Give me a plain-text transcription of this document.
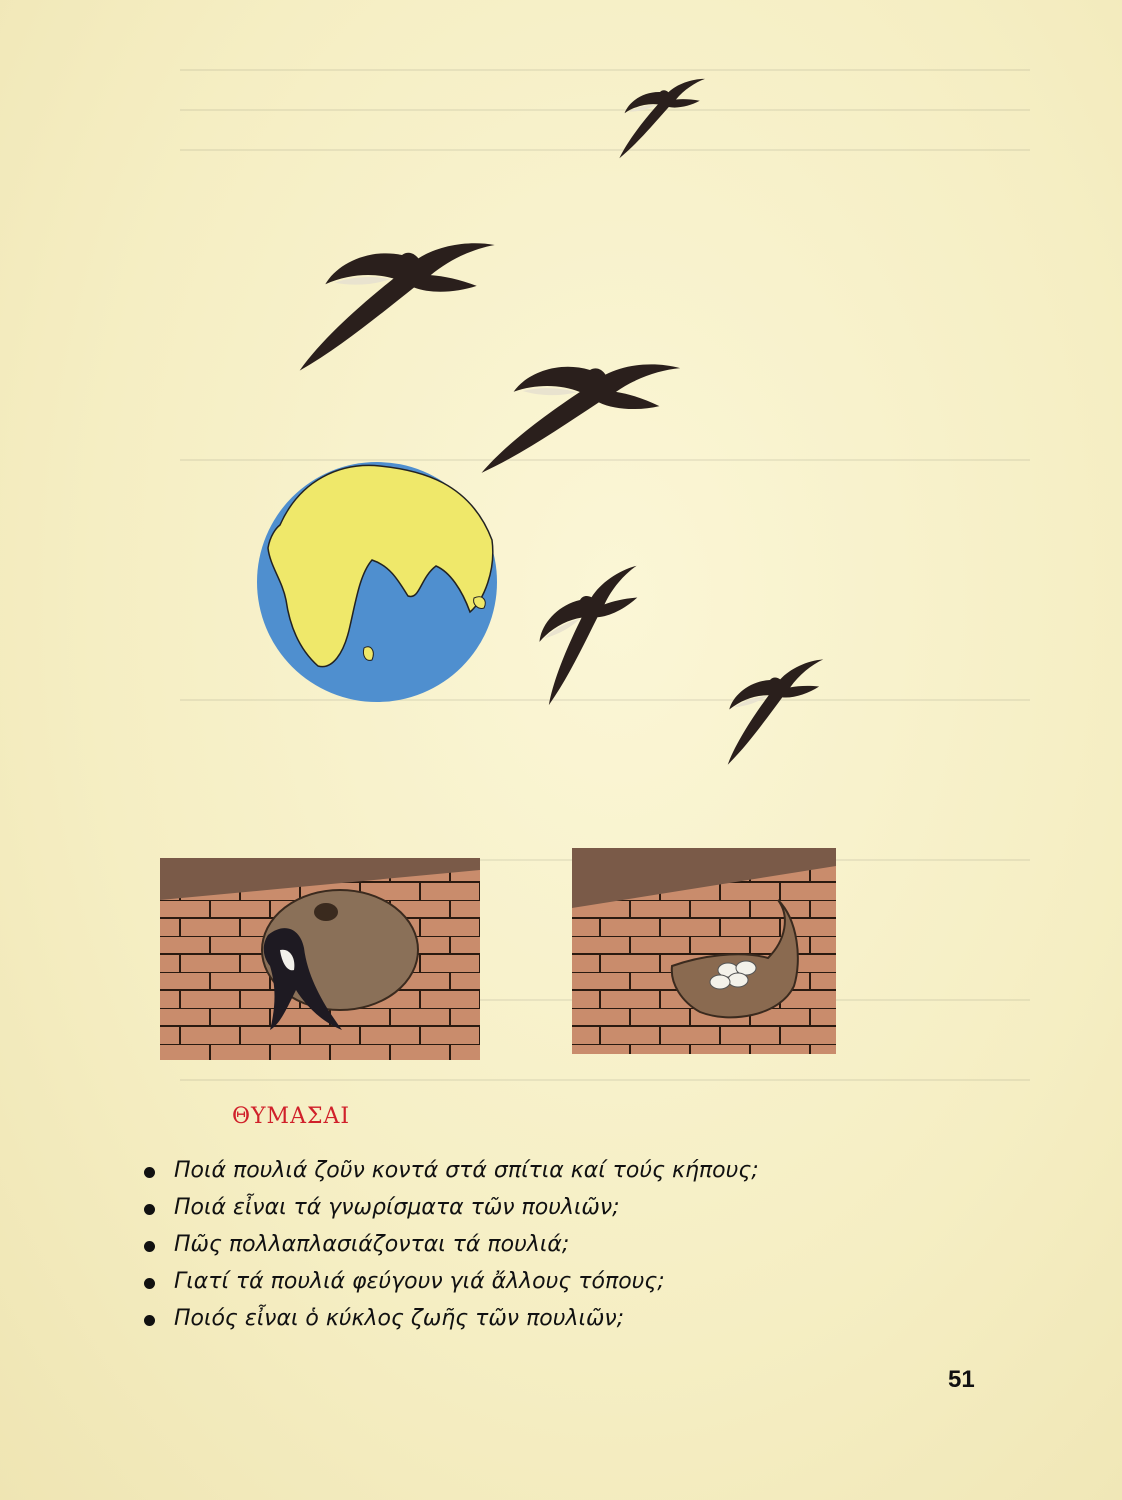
ΘΥΜΑΣΑΙ
Ποιά πουλιά ζοῦν κοντά στά σπίτια καί τούς κήπους;
Ποιά εἶναι τά γνωρίσματα τῶν πουλιῶν;
Πῶς πολλαπλασιάζονται τά πουλιά;
Γιατί τά πουλιά φεύγουν γιά ἄλλους τόπους;
Ποιός εἶναι ὁ κύκλος ζωῆς τῶν πουλιῶν;
51
